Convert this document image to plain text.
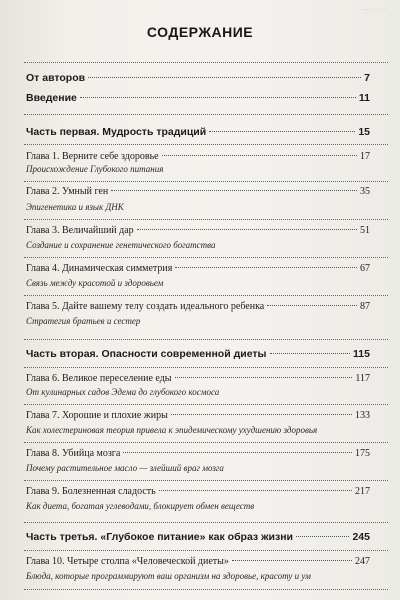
··· ··· ···
СОДЕРЖАНИЕ
От авторов	7
Введение	11
Часть первая. Мудрость традиций	15
Глава 1. Верните себе здоровье	17
Происхождение Глубокого питания
Глава 2. Умный ген	35
Эпигенетика и язык ДНК
Глава 3. Величайший дар	51
Создание и сохранение генетического богатства
Глава 4. Динамическая симметрия	67
Связь между красотой и здоровьем
Глава 5. Дайте вашему телу создать идеального ребенка	87
Стратегия братьев и сестер
Часть вторая. Опасности современной диеты	115
Глава 6. Великое переселение еды	117
От кулинарных садов Эдема до глубокого космоса
Глава 7. Хорошие и плохие жиры	133
Как холестериновая теория привела к эпидемическому ухудшению здоровья
Глава 8. Убийца мозга	175
Почему растительное масло — злейший враг мозга
Глава 9. Болезненная сладость	217
Как диета, богатая углеводами, блокирует обмен веществ
Часть третья. «Глубокое питание» как образ жизни	245
Глава 10. Четыре столпа «Человеческой диеты»	247
Блюда, которые программируют ваш организм на здоровье, красоту и ум
